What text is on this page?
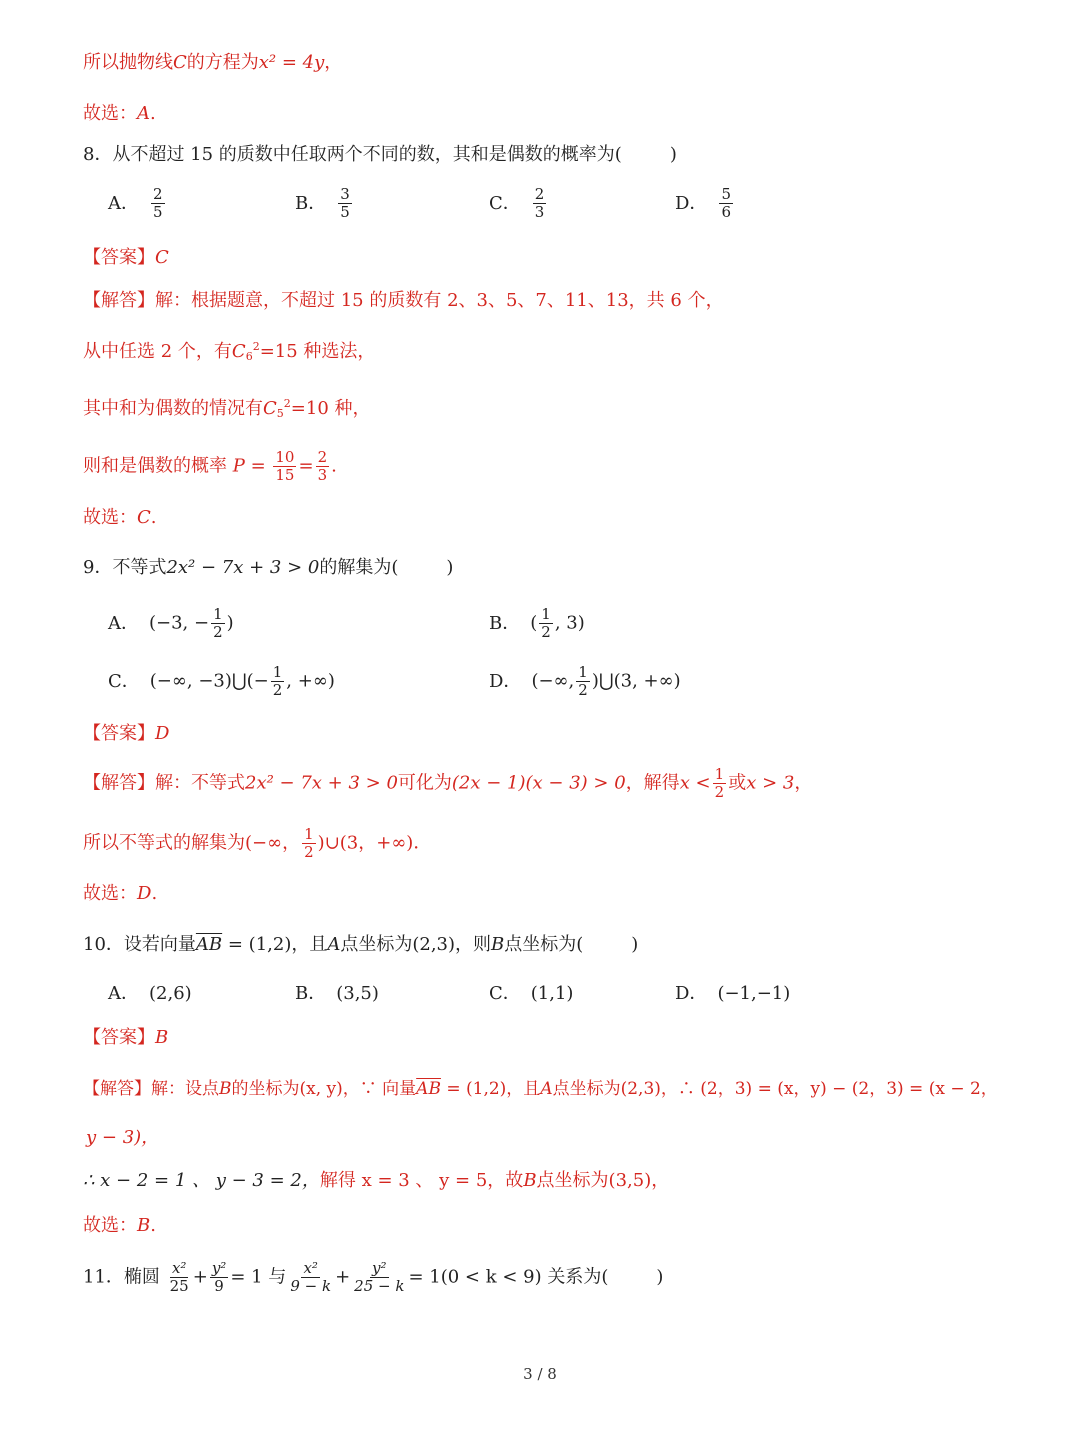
所以抛物线C的方程为x² = 4y，
故选：A.
8．从不超过 15 的质数中任取两个不同的数，其和是偶数的概率为(	)
A． $\frac{2}{5}$	B． $\frac{3}{5}$	C． $\frac{2}{3}$	D． $\frac{5}{6}$
【答案】C
【解答】解：根据题意，不超过 15 的质数有 2、3、5、7、11、13，共 6 个，
从中任选 2 个，有$C_6^2=15$ 种选法，
其中和为偶数的情况有$C_5^2=10$ 种，
则和是偶数的概率 $P = \frac{10}{15} = \frac{2}{3}$ .
故选：C.
9．不等式2x² − 7x + 3 > 0的解集为(	)
A． (−3, − $\frac{1}{2}$ )	B． ( $\frac{1}{2}$ , 3)
C． (−∞, −3)⋃(− $\frac{1}{2}$ , +∞)	D． (−∞, $\frac{1}{2}$ )⋃(3, +∞)
【答案】D
【解答】解：不等式2x² − 7x + 3 > 0可化为(2x − 1)(x − 3) > 0，解得$x < \frac{1}{2}$ 或x > 3，
所以不等式的解集为(−∞， $\frac{1}{2}$ )∪(3，+∞)．
故选：D.
10．设若向量$\overline{AB} = (1,2)$，且A点坐标为(2,3)，则B点坐标为(	)
A． (2,6)	B． (3,5)	C． (1,1)	D． (−1,−1)
【答案】B
【解答】解：设点B的坐标为(x, y)，∵ 向量$\overline{AB} = (1,2)$，且A点坐标为(2,3)，∴ (2，3) = (x，y) − (2，3) = (x − 2，
y − 3)，
∴ x − 2 = 1 、 y − 3 = 2，解得 x = 3 、 y = 5，故B点坐标为(3,5)，
故选：B.
11．椭圆 $\frac{\text{x²}}{25} + \frac{\text{y²}}{9} = 1$ 与 $\frac{\text{x²}}{9 - k} + \frac{\text{y²}}{25 - k} = 1(0 < k < 9)$ 关系为(	)
3 / 8
